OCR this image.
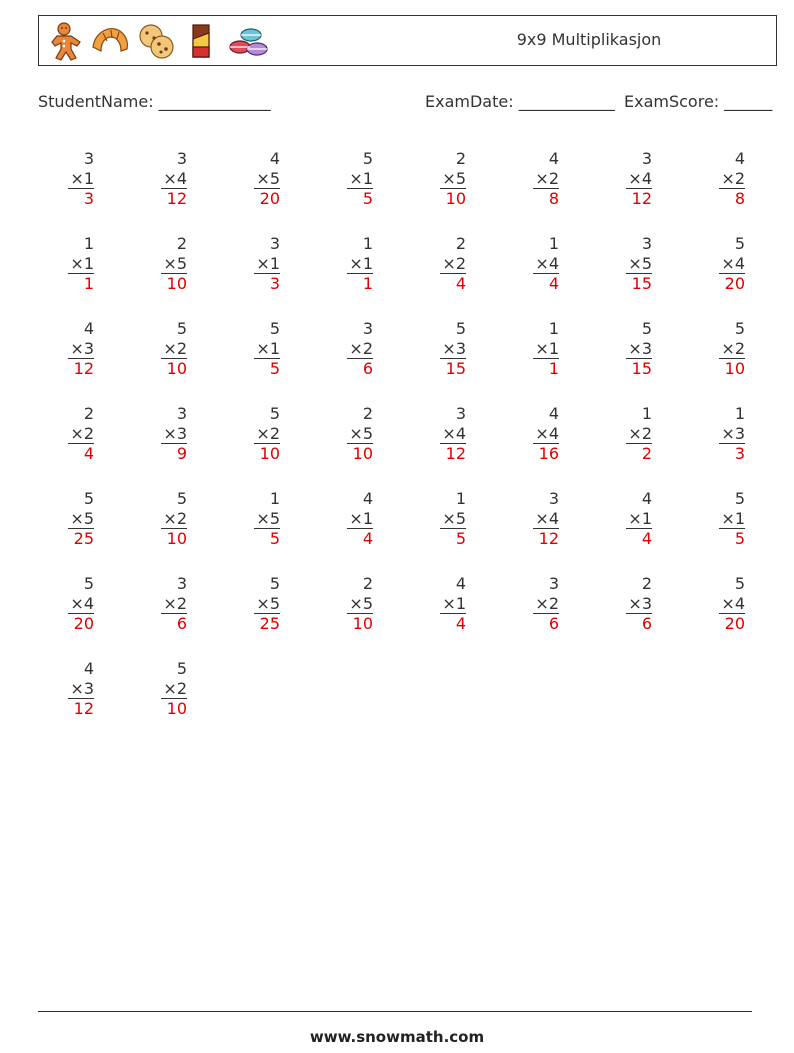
9x9 Multiplikasjon
StudentName: ______________	ExamDate: ____________ ExamScore: ______
3
×1
3
3
×4
12
4
×5
20
5
×1
5
2
×5
10
4
×2
8
3
×4
12
4
×2
8
1
×1
1
2
×5
10
3
×1
3
1
×1
1
2
×2
4
1
×4
4
3
×5
15
5
×4
20
4
×3
12
5
×2
10
5
×1
5
3
×2
6
5
×3
15
1
×1
1
5
×3
15
5
×2
10
2
×2
4
3
×3
9
5
×2
10
2
×5
10
3
×4
12
4
×4
16
1
×2
2
1
×3
3
5
×5
25
5
×2
10
1
×5
5
4
×1
4
1
×5
5
3
×4
12
4
×1
4
5
×1
5
5
×4
20
3
×2
6
5
×5
25
2
×5
10
4
×1
4
3
×2
6
2
×3
6
5
×4
20
4
×3
12
5
×2
10
www.snowmath.com
